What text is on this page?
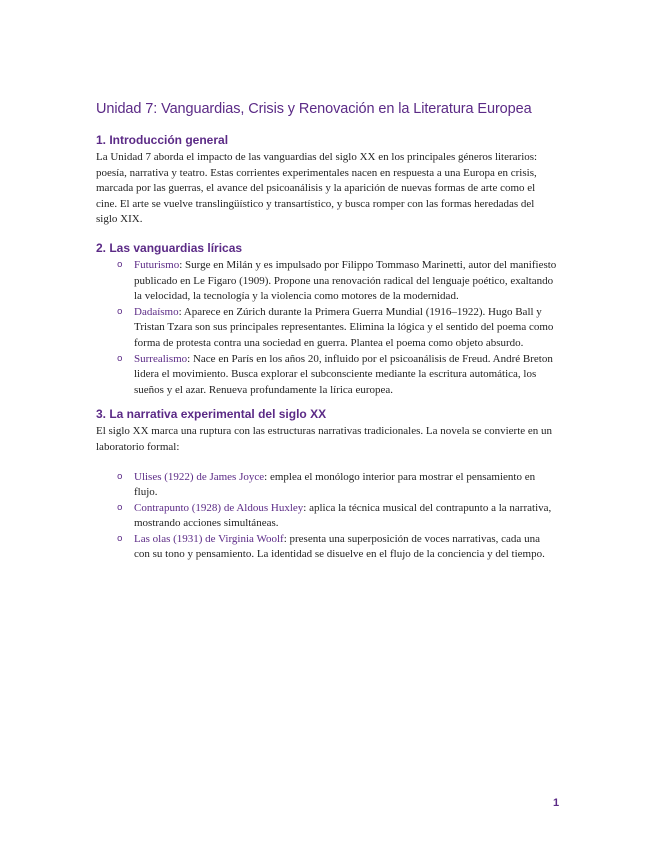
Unidad 7: Vanguardias, Crisis y Renovación en la Literatura Europea
1. Introducción general

La Unidad 7 aborda el impacto de las vanguardias del siglo XX en los principales géneros literarios: poesía, narrativa y teatro. Estas corrientes experimentales nacen en respuesta a una Europa en crisis, marcada por las guerras, el avance del psicoanálisis y la aparición de nuevas formas de arte como el cine. El arte se vuelve translingüístico y transartístico, y busca romper con las formas heredadas del siglo XIX.

2. Las vanguardias líricas
o Futurismo: Surge en Milán y es impulsado por Filippo Tommaso Marinetti, autor del manifiesto publicado en Le Figaro (1909). Propone una renovación radical del lenguaje poético, exaltando la velocidad, la tecnología y la violencia como motores de la modernidad.
o Dadaísmo: Aparece en Zúrich durante la Primera Guerra Mundial (1916–1922). Hugo Ball y Tristan Tzara son sus principales representantes. Elimina la lógica y el sentido del poema como forma de protesta contra una sociedad en guerra. Plantea el poema como objeto absurdo.
o Surrealismo: Nace en París en los años 20, influido por el psicoanálisis de Freud. André Breton lidera el movimiento. Busca explorar el subconsciente mediante la escritura automática, los sueños y el azar. Renueva profundamente la lírica europea.
3. La narrativa experimental del siglo XX

El siglo XX marca una ruptura con las estructuras narrativas tradicionales. La novela se convierte en un laboratorio formal:

o Ulises (1922) de James Joyce: emplea el monólogo interior para mostrar el pensamiento en flujo.
o Contrapunto (1928) de Aldous Huxley: aplica la técnica musical del contrapunto a la narrativa, mostrando acciones simultáneas.
o Las olas (1931) de Virginia Woolf: presenta una superposición de voces narrativas, cada una con su tono y pensamiento. La identidad se disuelve en el flujo de la conciencia y del tiempo.
1
